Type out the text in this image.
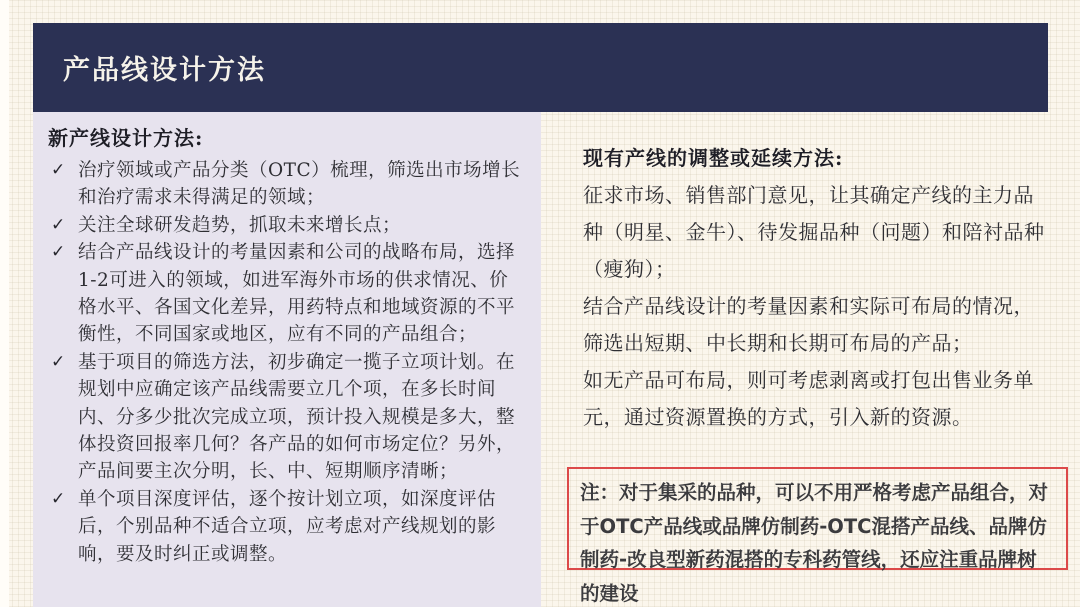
产品线设计方法
新产线设计方法:
✓ 治疗领域或产品分类（OTC）梳理，筛选出市场增长和治疗需求未得满足的领域；
✓ 关注全球研发趋势，抓取未来增长点；
✓ 结合产品线设计的考量因素和公司的战略布局，选择1-2可进入的领域，如进军海外市场的供求情况、价格水平、各国文化差异，用药特点和地域资源的不平衡性，不同国家或地区，应有不同的产品组合；
✓ 基于项目的筛选方法，初步确定一揽子立项计划。在规划中应确定该产品线需要立几个项，在多长时间内、分多少批次完成立项，预计投入规模是多大，整体投资回报率几何？各产品的如何市场定位？另外，产品间要主次分明，长、中、短期顺序清晰；
✓ 单个项目深度评估，逐个按计划立项，如深度评估后，个别品种不适合立项，应考虑对产线规划的影响，要及时纠正或调整。
现有产线的调整或延续方法:

征求市场、销售部门意见，让其确定产线的主力品种（明星、金牛）、待发掘品种（问题）和陪衬品种（瘦狗）；

结合产品线设计的考量因素和实际可布局的情况，筛选出短期、中长期和长期可布局的产品；

如无产品可布局，则可考虑剥离或打包出售业务单元，通过资源置换的方式，引入新的资源。

注：对于集采的品种，可以不用严格考虑产品组合，对于OTC产品线或品牌仿制药-OTC混搭产品线、品牌仿制药-改良型新药混搭的专科药管线，还应注重品牌树的建设
